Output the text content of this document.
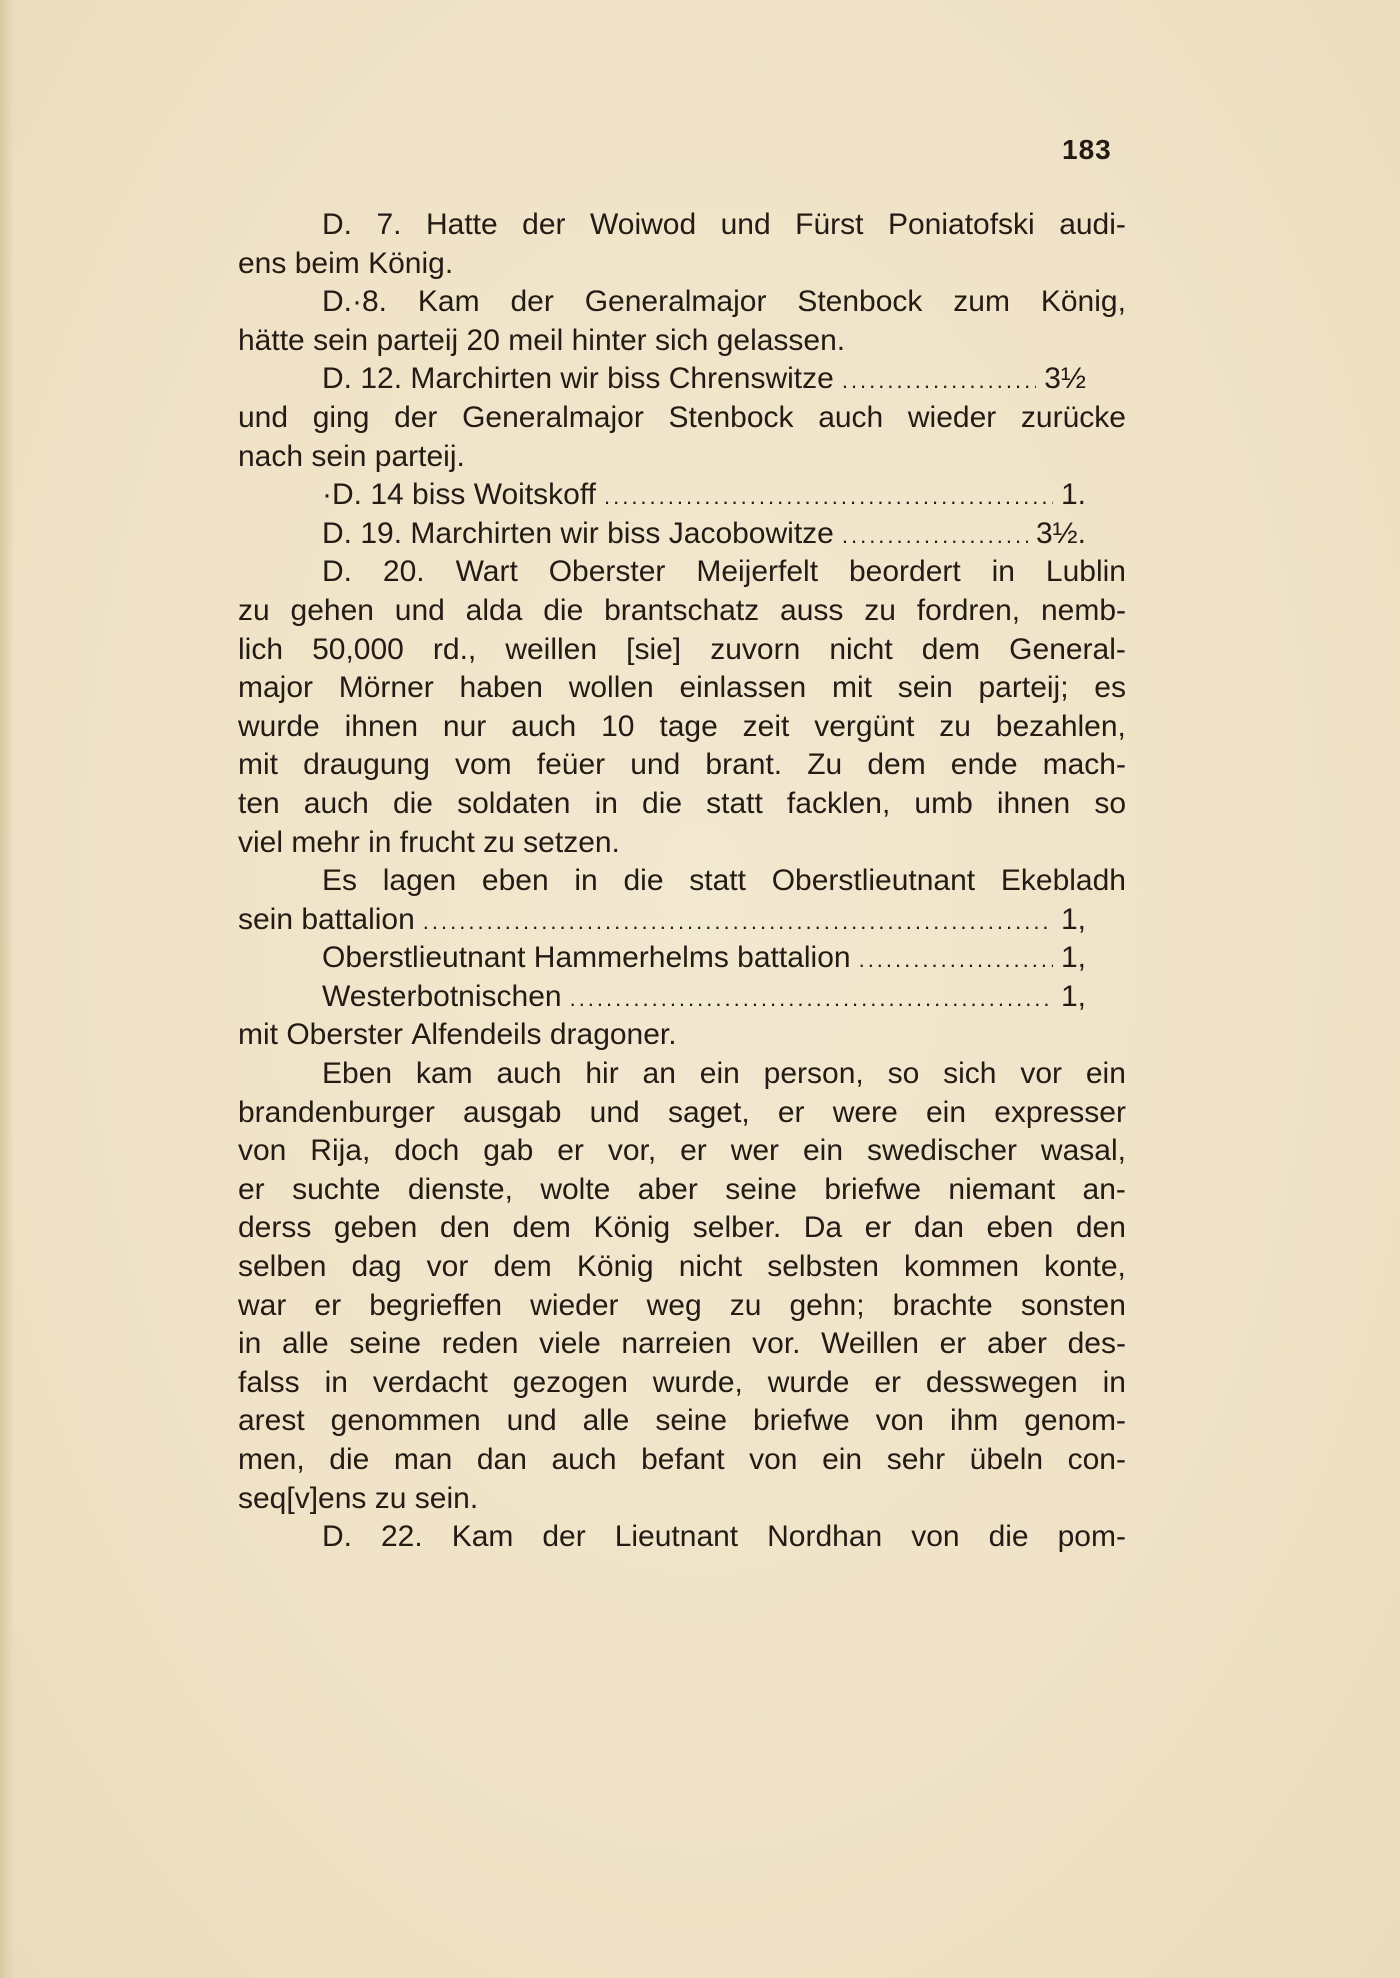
183
D. 7. Hatte der Woiwod und Fürst Poniatofski audi-
ens
beim
König.
D.·8. Kam der Generalmajor Stenbock zum König,
hätte
sein
parteij
20
meil
hinter
sich
gelassen.
D. 12. Marchirten wir biss Chrenswitze .....	3½
und ging der Generalmajor Stenbock auch wieder zurücke
nach
sein
parteij.
·D. 14 biss Woitskoff .....	1.
D. 19. Marchirten wir biss Jacobowitze .....	3½.
D. 20. Wart Oberster Meijerfelt beordert in Lublin
zu gehen und alda die brantschatz auss zu fordren, nemb-
lich 50,000 rd., weillen [sie] zuvorn nicht dem General-
major Mörner haben wollen einlassen mit sein parteij; es
wurde ihnen nur auch 10 tage zeit vergünt zu bezahlen,
mit draugung vom feüer und brant. Zu dem ende mach-
ten auch die soldaten in die statt facklen, umb ihnen so
viel
mehr
in
frucht
zu
setzen.
Es lagen eben in die statt Oberstlieutnant Ekebladh
sein battalion .....	1,
Oberstlieutnant Hammerhelms battalion .....	1,
Westerbotnischen .....	1,
mit
Oberster
Alfendeils
dragoner.
Eben kam auch hir an ein person, so sich vor ein
brandenburger ausgab und saget, er were ein expresser
von Rija, doch gab er vor, er wer ein swedischer wasal,
er suchte dienste, wolte aber seine briefwe niemant an-
derss geben den dem König selber. Da er dan eben den
selben dag vor dem König nicht selbsten kommen konte,
war er begrieffen wieder weg zu gehn; brachte sonsten
in alle seine reden viele narreien vor. Weillen er aber des-
falss in verdacht gezogen wurde, wurde er desswegen in
arest genommen und alle seine briefwe von ihm genom-
men, die man dan auch befant von ein sehr übeln con-
seq[v]ens
zu
sein.
D. 22. Kam der Lieutnant Nordhan von die pom-
